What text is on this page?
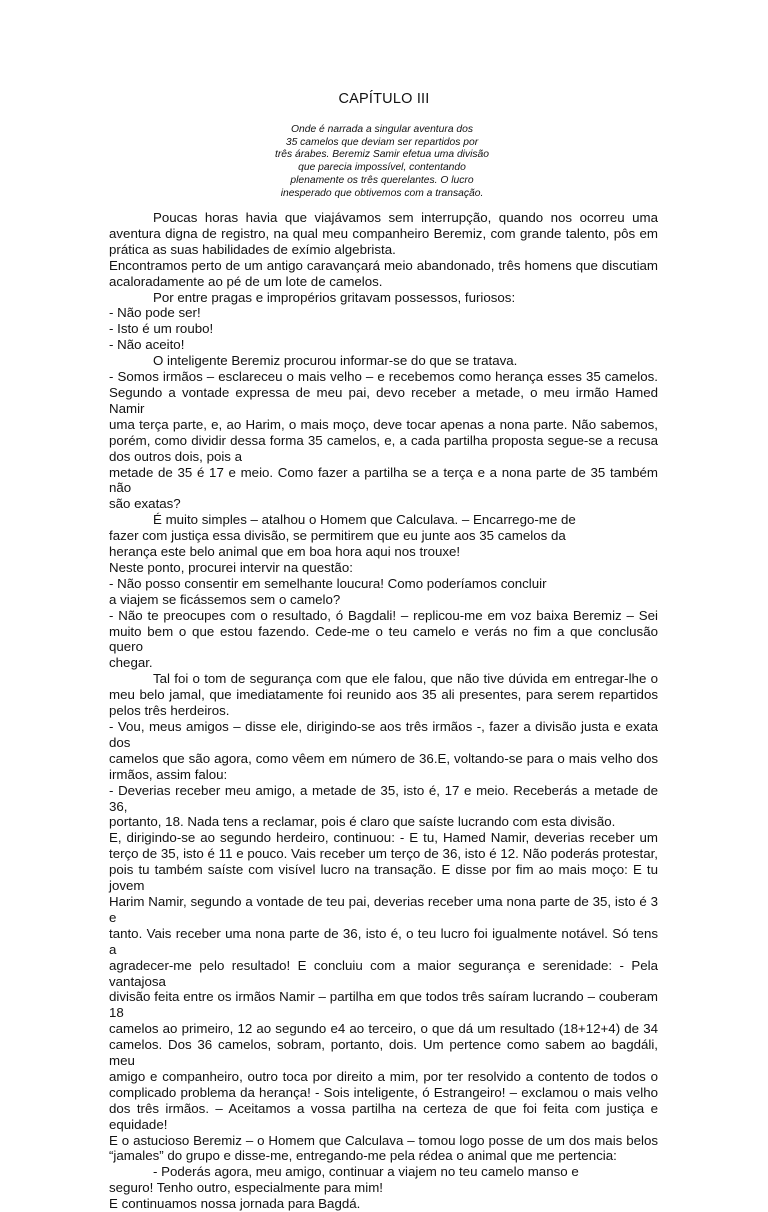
CAPÍTULO III
Onde é narrada a singular aventura dos
35 camelos que deviam ser repartidos por
três árabes. Beremiz Samir efetua uma divisão
que parecia impossível, contentando
plenamente os três querelantes. O lucro
inesperado que obtivemos com a transação.
Poucas horas havia que viajávamos sem interrupção, quando nos ocorreu uma
aventura digna de registro, na qual meu companheiro Beremiz, com grande talento, pôs em
prática as suas habilidades de exímio algebrista.
Encontramos perto de um antigo caravançará meio abandonado, três homens que discutiam
acaloradamente ao pé de um lote de camelos.
Por entre pragas e impropérios gritavam possessos, furiosos:
- Não pode ser!
- Isto é um roubo!
- Não aceito!
O inteligente Beremiz procurou informar-se do que se tratava.
- Somos irmãos – esclareceu o mais velho – e recebemos como herança esses 35 camelos.
Segundo a vontade expressa de meu pai, devo receber a metade, o meu irmão Hamed Namir
uma terça parte, e, ao Harim, o mais moço, deve tocar apenas a nona parte. Não sabemos,
porém, como dividir dessa forma 35 camelos, e, a cada partilha proposta segue-se a recusa
dos outros dois, pois a
metade de 35 é 17 e meio. Como fazer a partilha se a terça e a nona parte de 35 também não
são exatas?
É muito simples – atalhou o Homem que Calculava. – Encarrego-me de
fazer com justiça essa divisão, se permitirem que eu junte aos 35 camelos da
herança este belo animal que em boa hora aqui nos trouxe!
Neste ponto, procurei intervir na questão:
- Não posso consentir em semelhante loucura! Como poderíamos concluir
a viajem se ficássemos sem o camelo?
- Não te preocupes com o resultado, ó Bagdali! – replicou-me em voz baixa Beremiz – Sei
muito bem o que estou fazendo. Cede-me o teu camelo e verás no fim a que conclusão quero
chegar.
Tal foi o tom de segurança com que ele falou, que não tive dúvida em entregar-lhe o
meu belo jamal, que imediatamente foi reunido aos 35 ali presentes, para serem repartidos
pelos três herdeiros.
- Vou, meus amigos – disse ele, dirigindo-se aos três irmãos -, fazer a divisão justa e exata dos
camelos que são agora, como vêem em número de 36.E, voltando-se para o mais velho dos
irmãos, assim falou:
- Deverias receber meu amigo, a metade de 35, isto é, 17 e meio. Receberás a metade de 36,
portanto, 18. Nada tens a reclamar, pois é claro que saíste lucrando com esta divisão.
E, dirigindo-se ao segundo herdeiro, continuou: - E tu, Hamed Namir, deverias receber um
terço de 35, isto é 11 e pouco. Vais receber um terço de 36, isto é 12. Não poderás protestar,
pois tu também saíste com visível lucro na transação. E disse por fim ao mais moço: E tu jovem
Harim Namir, segundo a vontade de teu pai, deverias receber uma nona parte de 35, isto é 3 e
tanto. Vais receber uma nona parte de 36, isto é, o teu lucro foi igualmente notável. Só tens a
agradecer-me pelo resultado! E concluiu com a maior segurança e serenidade: - Pela vantajosa
divisão feita entre os irmãos Namir – partilha em que todos três saíram lucrando – couberam 18
camelos ao primeiro, 12 ao segundo e4 ao terceiro, o que dá um resultado (18+12+4) de 34
camelos. Dos 36 camelos, sobram, portanto, dois. Um pertence como sabem ao bagdáli, meu
amigo e companheiro, outro toca por direito a mim, por ter resolvido a contento de todos o
complicado problema da herança! - Sois inteligente, ó Estrangeiro! – exclamou o mais velho
dos três irmãos. – Aceitamos a vossa partilha na certeza de que foi feita com justiça e
equidade!
E o astucioso Beremiz – o Homem que Calculava – tomou logo posse de um dos mais belos
“jamales” do grupo e disse-me, entregando-me pela rédea o animal que me pertencia:
- Poderás agora, meu amigo, continuar a viajem no teu camelo manso e
seguro! Tenho outro, especialmente para mim!
E continuamos nossa jornada para Bagdá.
